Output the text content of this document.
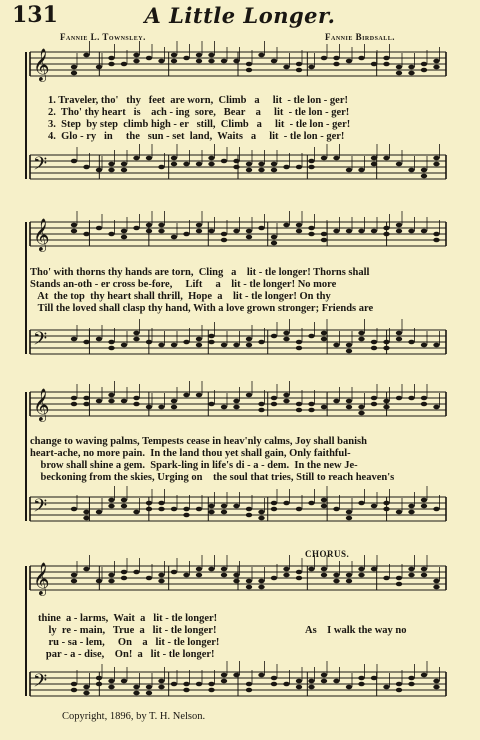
131	A Little Longer.
Fannie L. Townsley.	Fannie Birdsall.
𝄞
𝄢
𝄞
𝄢
𝄞
𝄢
𝄞
𝄢
1. Traveler, tho'   thy   feet  are worn,  Climb   a     lit  - tle lon - ger!
2.  Tho' thy heart   is    ach - ing  sore,   Bear    a     lit  - tle lon - ger!
3.  Step  by step  climb high - er   still,  Climb   a     lit  - tle lon - ger!
4.  Glo - ry   in     the   sun - set  land,  Waits   a     lit  - tle lon - ger!
Tho' with thorns thy hands are torn,  Cling   a    lit - tle longer! Thorns shall
Stands an-oth - er cross be-fore,     Lift     a    lit - tle longer! No more
At  the top  thy heart shall thrill,  Hope  a    lit - tle longer! On thy
Till the loved shall clasp thy hand, With a love grown stronger; Friends are
change to waving palms, Tempests cease in heav'nly calms, Joy shall banish
heart-ache, no more pain.  In the land thou yet shall gain, Only faithful-
brow shall shine a gem.  Spark-ling in life's di - a - dem.  In the new Je-
beckoning from the skies, Urging on    the soul that tries, Still to reach heaven's
CHORUS.
thine  a - larms,  Wait  a   lit - tle longer!
ly  re - main,   True  a   lit - tle longer!
ru - sa - lem,     On    a   lit - tle longer!
par - a - dise,    On!  a   lit - tle longer!
As    I walk the way no
Copyright, 1896, by T. H. Nelson.
